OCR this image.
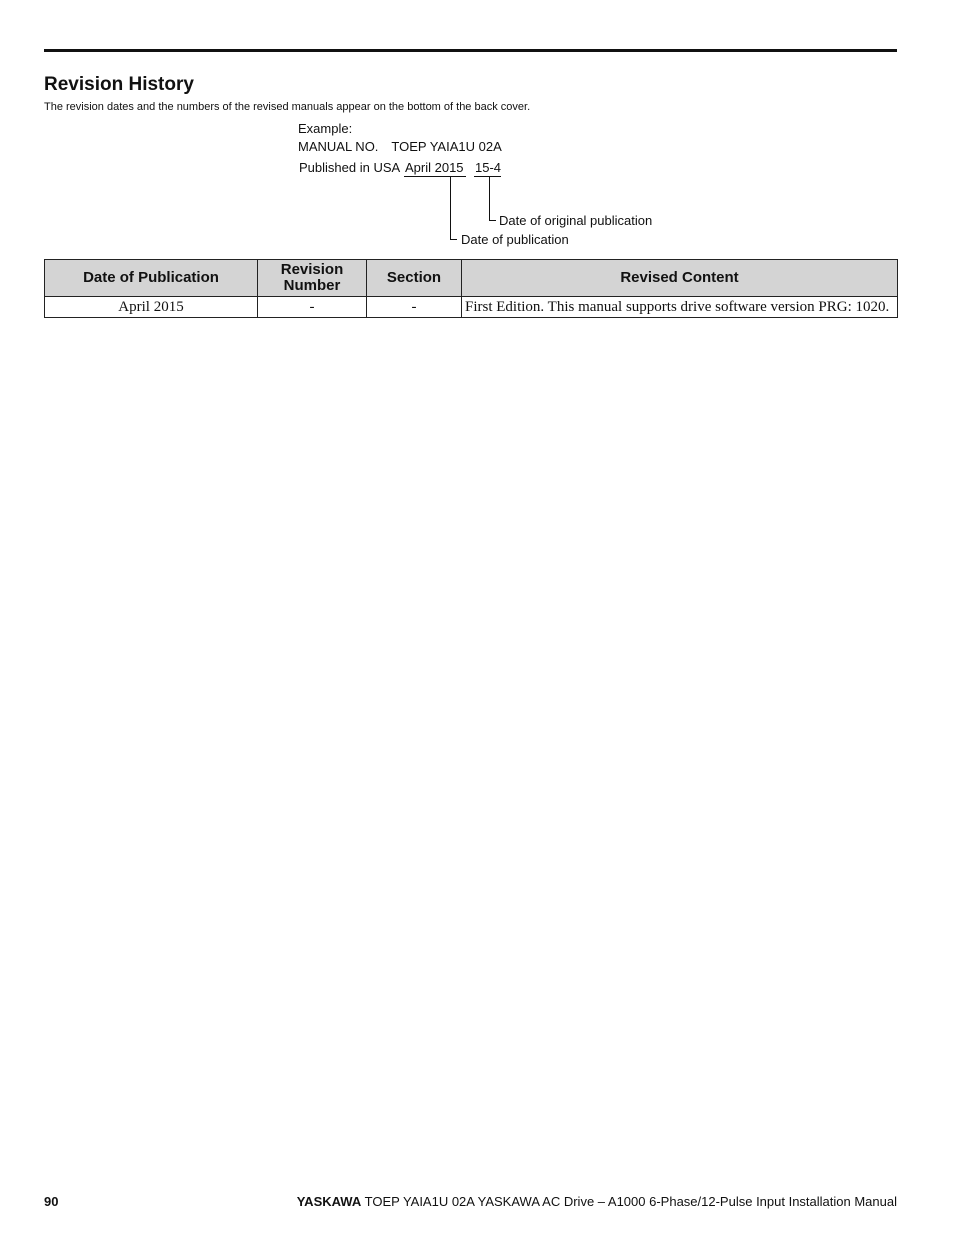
Revision History
The revision dates and the numbers of the revised manuals appear on the bottom of the back cover.
Example:
MANUAL NO. TOEP YAIA1U 02A
Published in USA April 2015 15-4
Date of original publication
Date of publication
Date of Publication	Revision Number	Section	Revised Content
April 2015	-	-	First Edition. This manual supports drive software version PRG: 1020.
90	YASKAWA TOEP YAIA1U 02A YASKAWA AC Drive – A1000 6-Phase/12-Pulse Input Installation Manual
